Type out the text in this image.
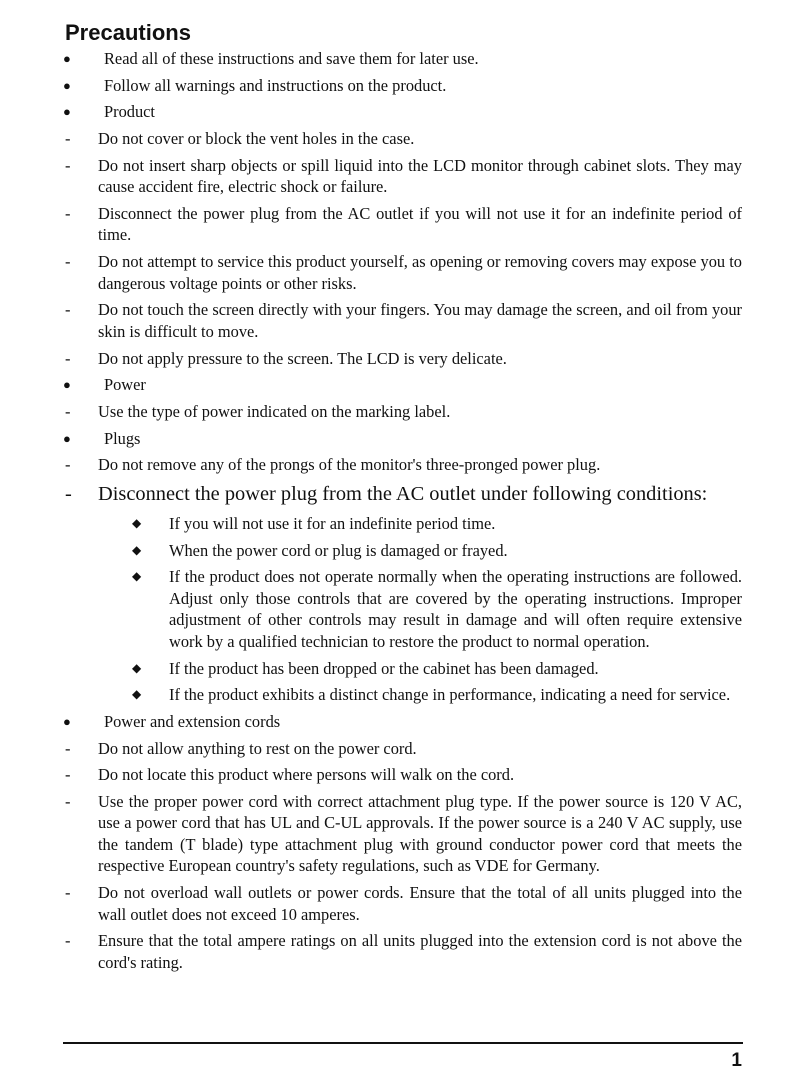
Precautions
● Read all of these instructions and save them for later use.
● Follow all warnings and instructions on the product.
● Product
- Do not cover or block the vent holes in the case.
- Do not insert sharp objects or spill liquid into the LCD monitor through cabinet slots. They may cause accident fire, electric shock or failure.
- Disconnect the power plug from the AC outlet if you will not use it for an indefinite period of time.
- Do not attempt to service this product yourself, as opening or removing covers may expose you to dangerous voltage points or other risks.
- Do not touch the screen directly with your fingers. You may damage the screen, and oil from your skin is difficult to move.
- Do not apply pressure to the screen. The LCD is very delicate.
● Power
- Use the type of power indicated on the marking label.
● Plugs
- Do not remove any of the prongs of the monitor's three-pronged power plug.
- Disconnect the power plug from the AC outlet under following conditions:
◆ If you will not use it for an indefinite period time.
◆ When the power cord or plug is damaged or frayed.
◆ If the product does not operate normally when the operating instructions are followed. Adjust only those controls that are covered by the operating instructions. Improper adjustment of other controls may result in damage and will often require extensive work by a qualified technician to restore the product to normal operation.
◆ If the product has been dropped or the cabinet has been damaged.
◆ If the product exhibits a distinct change in performance, indicating a need for service.
● Power and extension cords
- Do not allow anything to rest on the power cord.
- Do not locate this product where persons will walk on the cord.
- Use the proper power cord with correct attachment plug type. If the power source is 120 V AC, use a power cord that has UL and C-UL approvals. If the power source is a 240 V AC supply, use the tandem (T blade) type attachment plug with ground conductor power cord that meets the respective European country's safety regulations, such as VDE for Germany.
- Do not overload wall outlets or power cords. Ensure that the total of all units plugged into the wall outlet does not exceed 10 amperes.
- Ensure that the total ampere ratings on all units plugged into the extension cord is not above the cord's rating.
1
